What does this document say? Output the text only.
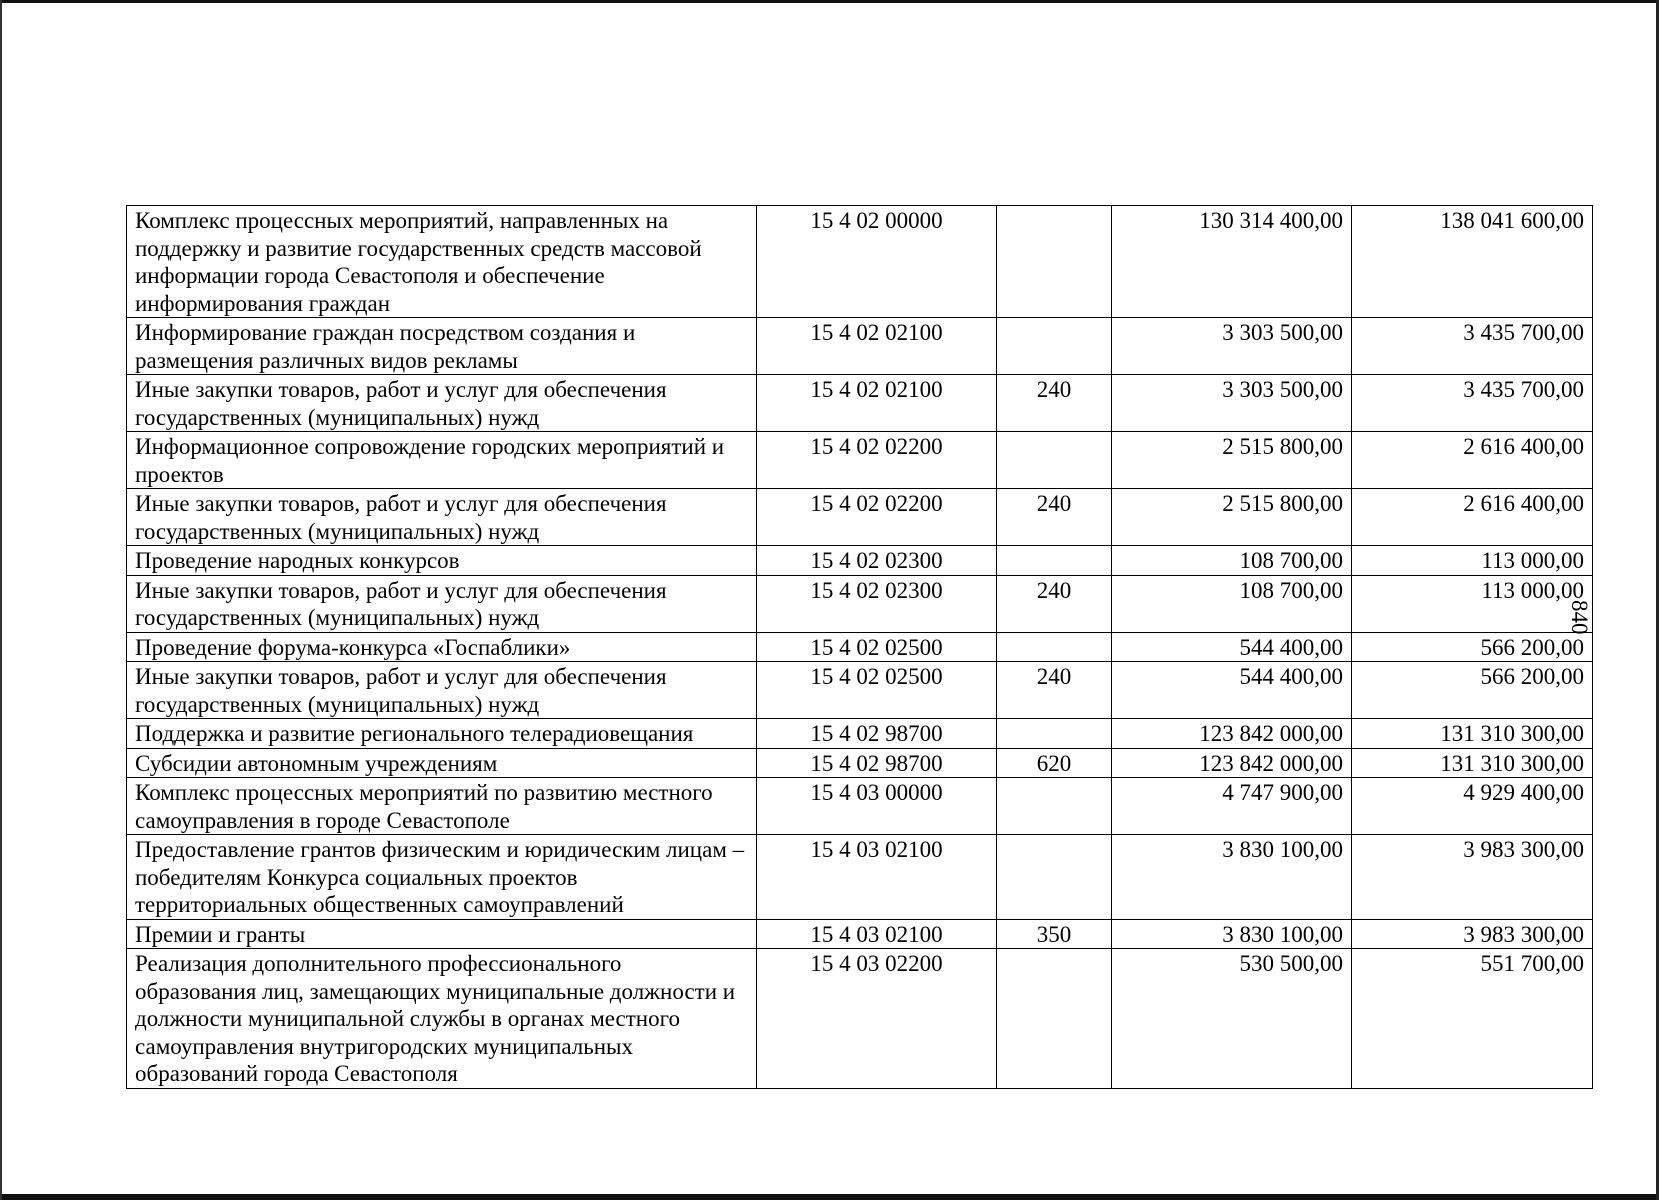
Комплекс процессных мероприятий, направленных на поддержку и развитие государственных средств массовой информации города Севастополя и обеспечение информирования граждан	15 4 02 00000		130 314 400,00	138 041 600,00
Информирование граждан посредством создания и размещения различных видов рекламы	15 4 02 02100		3 303 500,00	3 435 700,00
Иные закупки товаров, работ и услуг для обеспечения государственных (муниципальных) нужд	15 4 02 02100	240	3 303 500,00	3 435 700,00
Информационное сопровождение городских мероприятий и проектов	15 4 02 02200		2 515 800,00	2 616 400,00
Иные закупки товаров, работ и услуг для обеспечения государственных (муниципальных) нужд	15 4 02 02200	240	2 515 800,00	2 616 400,00
Проведение народных конкурсов	15 4 02 02300		108 700,00	113 000,00
Иные закупки товаров, работ и услуг для обеспечения государственных (муниципальных) нужд	15 4 02 02300	240	108 700,00	113 000,00
Проведение форума-конкурса «Госпаблики»	15 4 02 02500		544 400,00	566 200,00
Иные закупки товаров, работ и услуг для обеспечения государственных (муниципальных) нужд	15 4 02 02500	240	544 400,00	566 200,00
Поддержка и развитие регионального телерадиовещания	15 4 02 98700		123 842 000,00	131 310 300,00
Субсидии автономным учреждениям	15 4 02 98700	620	123 842 000,00	131 310 300,00
Комплекс процессных мероприятий по развитию местного самоуправления в городе Севастополе	15 4 03 00000		4 747 900,00	4 929 400,00
Предоставление грантов физическим и юридическим лицам – победителям Конкурса социальных проектов территориальных общественных самоуправлений	15 4 03 02100		3 830 100,00	3 983 300,00
Премии и гранты	15 4 03 02100	350	3 830 100,00	3 983 300,00
Реализация дополнительного профессионального образования лиц, замещающих муниципальные должности и должности муниципальной службы в органах местного самоуправления внутригородских муниципальных образований города Севастополя	15 4 03 02200		530 500,00	551 700,00
840
